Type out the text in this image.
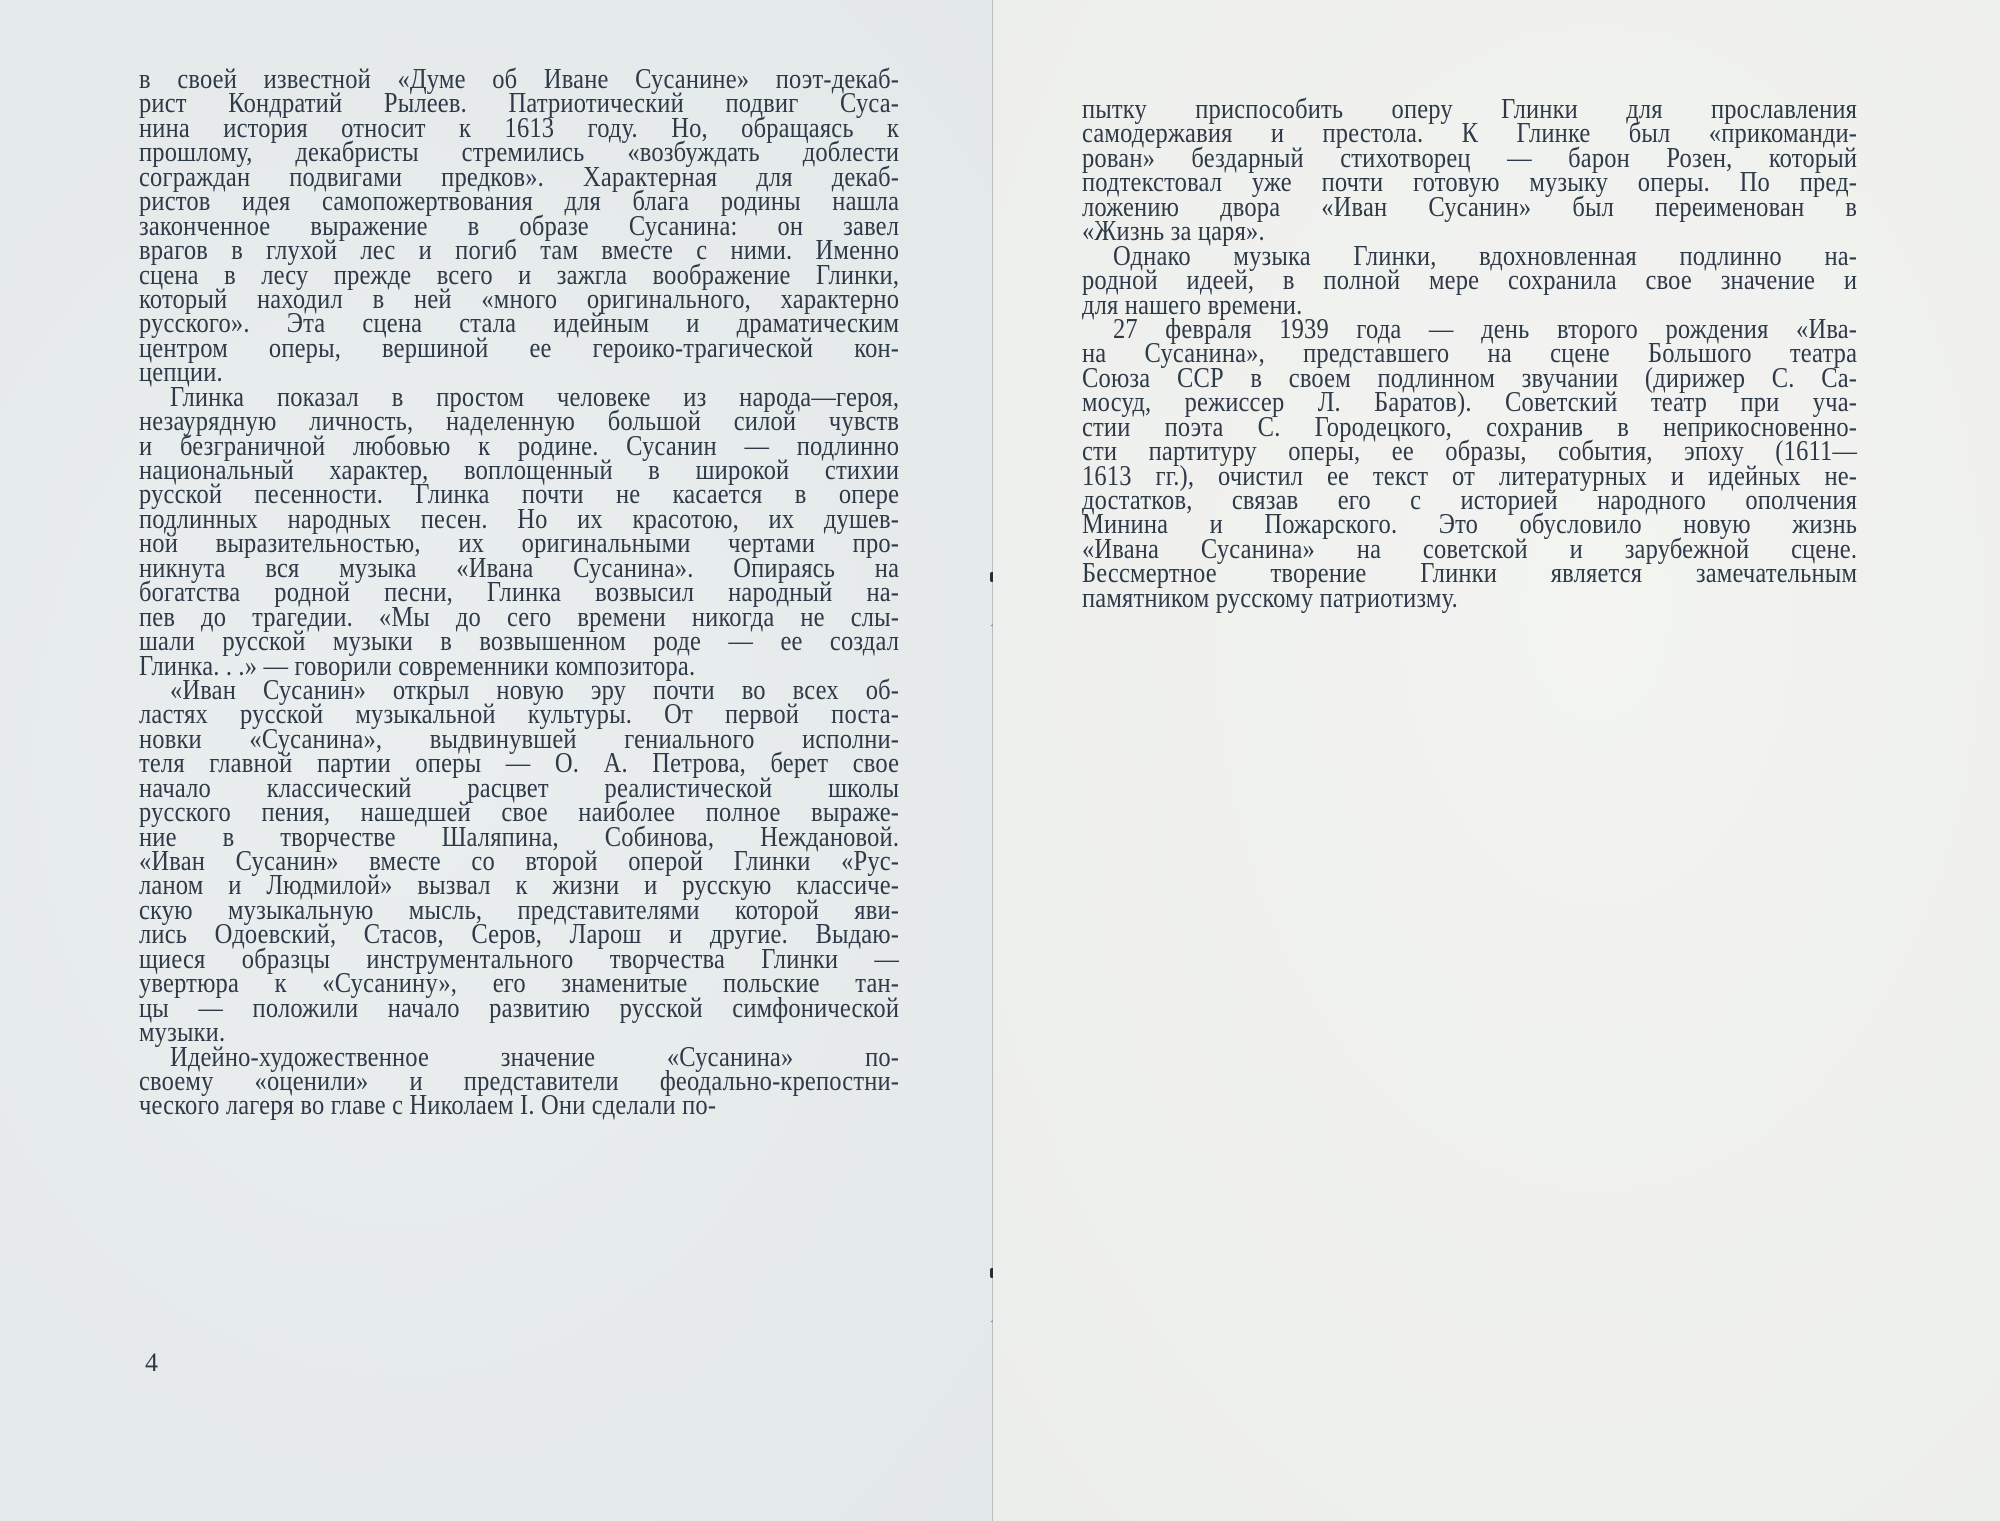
в своей известной «Думе об Иване Сусанине» поэт-декаб-
рист Кондратий Рылеев. Патриотический подвиг Суса-
нина история относит к 1613 году. Но, обращаясь к
прошлому, декабристы стремились «возбуждать доблести
сограждан подвигами предков». Характерная для декаб-
ристов идея самопожертвования для блага родины нашла
законченное выражение в образе Сусанина: он завел
врагов в глухой лес и погиб там вместе с ними. Именно
сцена в лесу прежде всего и зажгла воображение Глинки,
который находил в ней «много оригинального, характерно
русского». Эта сцена стала идейным и драматическим
центром оперы, вершиной ее героико-трагической кон-
цепции.
Глинка показал в простом человеке из народа—героя,
незаурядную личность, наделенную большой силой чувств
и безграничной любовью к родине. Сусанин — подлинно
национальный характер, воплощенный в широкой стихии
русской песенности. Глинка почти не касается в опере
подлинных народных песен. Но их красотою, их душев-
ной выразительностью, их оригинальными чертами про-
никнута вся музыка «Ивана Сусанина». Опираясь на
богатства родной песни, Глинка возвысил народный на-
пев до трагедии. «Мы до сего времени никогда не слы-
шали русской музыки в возвышенном роде — ее создал
Глинка. . .» — говорили современники композитора.
«Иван Сусанин» открыл новую эру почти во всех об-
ластях русской музыкальной культуры. От первой поста-
новки «Сусанина», выдвинувшей гениального исполни-
теля главной партии оперы — О. А. Петрова, берет свое
начало классический расцвет реалистической школы
русского пения, нашедшей свое наиболее полное выраже-
ние в творчестве Шаляпина, Собинова, Неждановой.
«Иван Сусанин» вместе со второй оперой Глинки «Рус-
ланом и Людмилой» вызвал к жизни и русскую классиче-
скую музыкальную мысль, представителями которой яви-
лись Одоевский, Стасов, Серов, Ларош и другие. Выдаю-
щиеся образцы инструментального творчества Глинки —
увертюра к «Сусанину», его знаменитые польские тан-
цы — положили начало развитию русской симфонической
музыки.
Идейно-художественное значение «Сусанина» по-
своему «оценили» и представители феодально-крепостни-
ческого лагеря во главе с Николаем I. Они сделали по-
4
пытку приспособить оперу Глинки для прославления
самодержавия и престола. К Глинке был «прикоманди-
рован» бездарный стихотворец — барон Розен, который
подтекстовал уже почти готовую музыку оперы. По пред-
ложению двора «Иван Сусанин» был переименован в
«Жизнь за царя».
Однако музыка Глинки, вдохновленная подлинно на-
родной идеей, в полной мере сохранила свое значение и
для нашего времени.
27 февраля 1939 года — день второго рождения «Ива-
на Сусанина», представшего на сцене Большого театра
Союза ССР в своем подлинном звучании (дирижер С. Са-
мосуд, режиссер Л. Баратов). Советский театр при уча-
стии поэта С. Городецкого, сохранив в неприкосновенно-
сти партитуру оперы, ее образы, события, эпоху (1611—
1613 гг.), очистил ее текст от литературных и идейных не-
достатков, связав его с историей народного ополчения
Минина и Пожарского. Это обусловило новую жизнь
«Ивана Сусанина» на советской и зарубежной сцене.
Бессмертное творение Глинки является замечательным
памятником русскому патриотизму.
